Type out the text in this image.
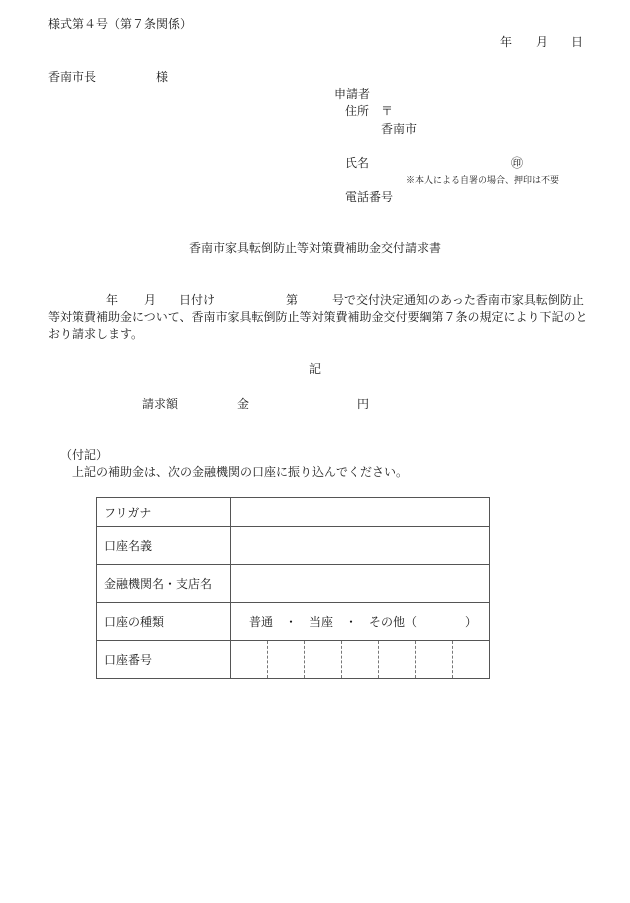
様式第４号（第７条関係）
年 月 日
香南市長	様
申請者
住所 〒
香南市
氏名	㊞
※本人による自署の場合、押印は不要
電話番号
香南市家具転倒防止等対策費補助金交付請求書
年 月 日付け	第	号で交付決定通知のあった香南市家具転倒防止
等対策費補助金について、香南市家具転倒防止等対策費補助金交付要綱第７条の規定により下記のと
おり請求します。
記
請求額	金	円
（付記）
上記の補助金は、次の金融機関の口座に振り込んでください。
フリガナ	
口座名義	
金融機関名・支店名	
口座の種類	普通　・　当座　・　その他（　　　　）
口座番号	
